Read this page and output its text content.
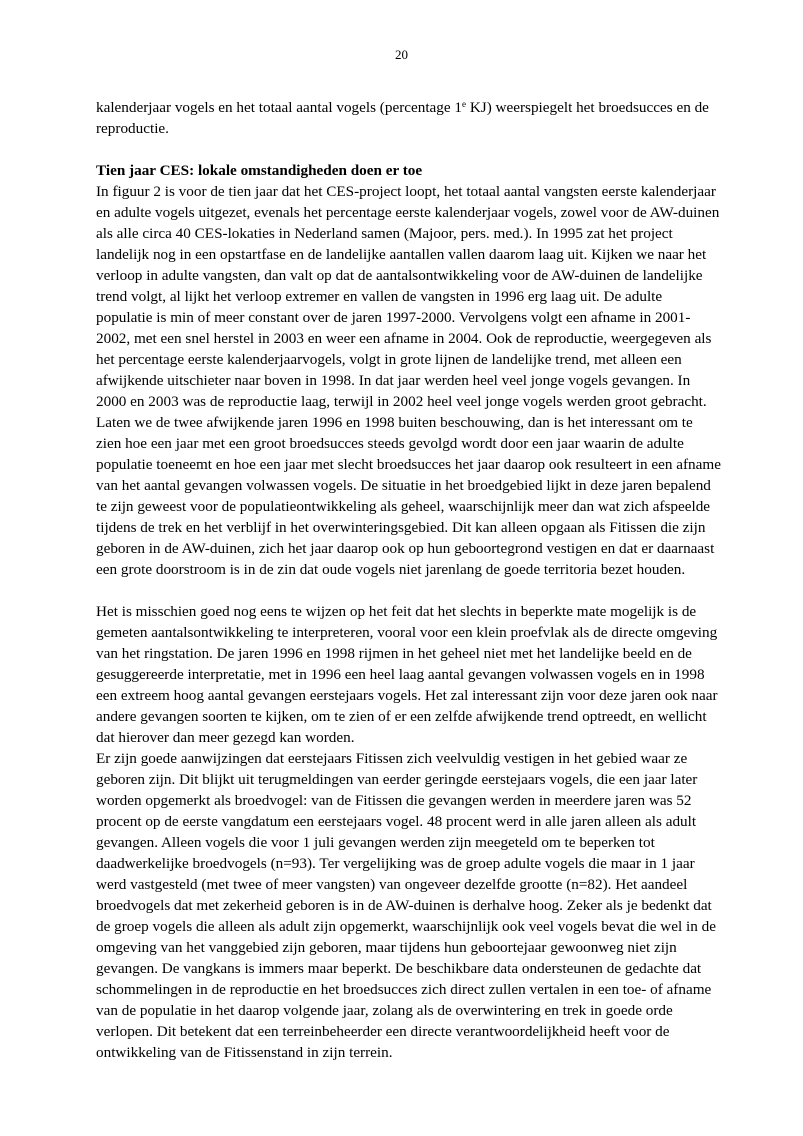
20

kalenderjaar vogels en het totaal aantal vogels (percentage 1e KJ) weerspiegelt het broedsucces en de reproductie.

Tien jaar CES: lokale omstandigheden doen er toe

In figuur 2 is voor de tien jaar dat het CES-project loopt, het totaal aantal vangsten eerste kalenderjaar en adulte vogels uitgezet, evenals het percentage eerste kalenderjaar vogels, zowel voor de AW-duinen als alle circa 40 CES-lokaties in Nederland samen (Majoor, pers. med.). In 1995 zat het project landelijk nog in een opstartfase en de landelijke aantallen vallen daarom laag uit. Kijken we naar het verloop in adulte vangsten, dan valt op dat de aantalsontwikkeling voor de AW-duinen de landelijke trend volgt, al lijkt het verloop extremer en vallen de vangsten in 1996 erg laag uit. De adulte populatie is min of meer constant over de jaren 1997-2000. Vervolgens volgt een afname in 2001-2002, met een snel herstel in 2003 en weer een afname in 2004. Ook de reproductie, weergegeven als het percentage eerste kalenderjaarvogels, volgt in grote lijnen de landelijke trend, met alleen een afwijkende uitschieter naar boven in 1998. In dat jaar werden heel veel jonge vogels gevangen. In 2000 en 2003 was de reproductie laag, terwijl in 2002 heel veel jonge vogels werden groot gebracht. Laten we de twee afwijkende jaren 1996 en 1998 buiten beschouwing, dan is het interessant om te zien hoe een jaar met een groot broedsucces steeds gevolgd wordt door een jaar waarin de adulte populatie toeneemt en hoe een jaar met slecht broedsucces het jaar daarop ook resulteert in een afname van het aantal gevangen volwassen vogels. De situatie in het broedgebied lijkt in deze jaren bepalend te zijn geweest voor de populatieontwikkeling als geheel, waarschijnlijk meer dan wat zich afspeelde tijdens de trek en het verblijf in het overwinteringsgebied. Dit kan alleen opgaan als Fitissen die zijn geboren in de AW-duinen, zich het jaar daarop ook op hun geboortegrond vestigen en dat er daarnaast een grote doorstroom is in de zin dat oude vogels niet jarenlang de goede territoria bezet houden.

Het is misschien goed nog eens te wijzen op het feit dat het slechts in beperkte mate mogelijk is de gemeten aantalsontwikkeling te interpreteren, vooral voor een klein proefvlak als de directe omgeving van het ringstation. De jaren 1996 en 1998 rijmen in het geheel niet met het landelijke beeld en de gesuggereerde interpretatie, met in 1996 een heel laag aantal gevangen volwassen vogels en in 1998 een extreem hoog aantal gevangen eerstejaars vogels. Het zal interessant zijn voor deze jaren ook naar andere gevangen soorten te kijken, om te zien of er een zelfde afwijkende trend optreedt, en wellicht dat hierover dan meer gezegd kan worden.

Er zijn goede aanwijzingen dat eerstejaars Fitissen zich veelvuldig vestigen in het gebied waar ze geboren zijn. Dit blijkt uit terugmeldingen van eerder geringde eerstejaars vogels, die een jaar later worden opgemerkt als broedvogel: van de Fitissen die gevangen werden in meerdere jaren was 52 procent op de eerste vangdatum een eerstejaars vogel. 48 procent werd in alle jaren alleen als adult gevangen. Alleen vogels die voor 1 juli gevangen werden zijn meegeteld om te beperken tot daadwerkelijke broedvogels (n=93). Ter vergelijking was de groep adulte vogels die maar in 1 jaar werd vastgesteld (met twee of meer vangsten) van ongeveer dezelfde grootte (n=82). Het aandeel broedvogels dat met zekerheid geboren is in de AW-duinen is derhalve hoog. Zeker als je bedenkt dat de groep vogels die alleen als adult zijn opgemerkt, waarschijnlijk ook veel vogels bevat die wel in de omgeving van het vanggebied zijn geboren, maar tijdens hun geboortejaar gewoonweg niet zijn gevangen. De vangkans is immers maar beperkt. De beschikbare data ondersteunen de gedachte dat schommelingen in de reproductie en het broedsucces zich direct zullen vertalen in een toe- of afname van de populatie in het daarop volgende jaar, zolang als de overwintering en trek in goede orde verlopen. Dit betekent dat een terreinbeheerder een directe verantwoordelijkheid heeft voor de ontwikkeling van de Fitissenstand in zijn terrein.
